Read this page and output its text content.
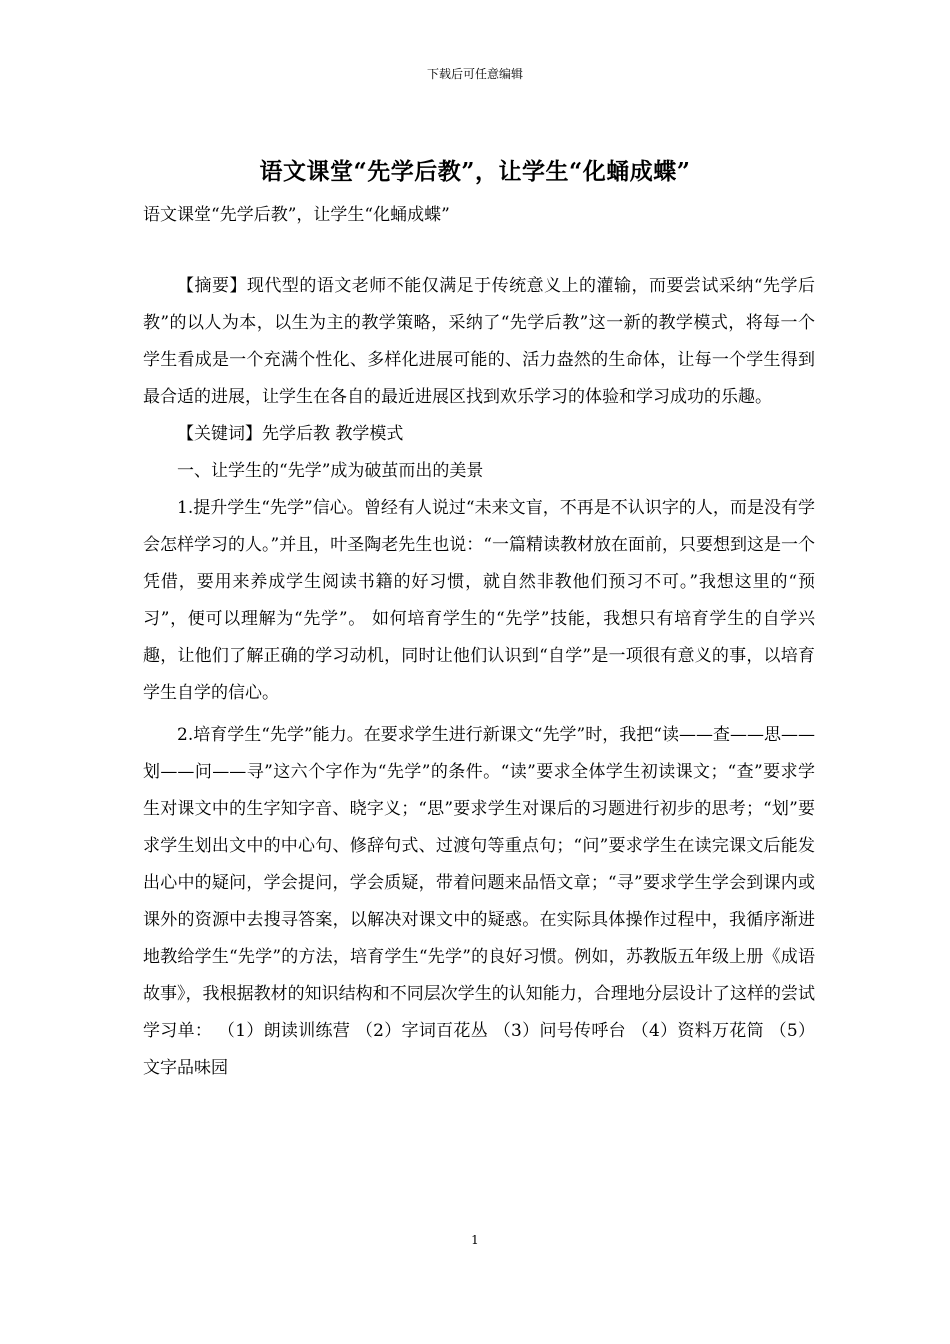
下载后可任意编辑
语文课堂“先学后教”，让学生“化蛹成蝶”
语文课堂“先学后教”，让学生“化蛹成蝶”

【摘要】现代型的语文老师不能仅满足于传统意义上的灌输，而要尝试采纳“先学后教”的以人为本，以生为主的教学策略，采纳了“先学后教”这一新的教学模式，将每一个学生看成是一个充满个性化、多样化进展可能的、活力盎然的生命体，让每一个学生得到最合适的进展，让学生在各自的最近进展区找到欢乐学习的体验和学习成功的乐趣。

【关键词】先学后教 教学模式

一、让学生的“先学”成为破茧而出的美景

1.提升学生“先学”信心。曾经有人说过“未来文盲，不再是不认识字的人，而是没有学会怎样学习的人。”并且，叶圣陶老先生也说：“一篇精读教材放在面前，只要想到这是一个凭借，要用来养成学生阅读书籍的好习惯，就自然非教他们预习不可。”我想这里的“预习”，便可以理解为“先学”。 如何培育学生的“先学”技能，我想只有培育学生的自学兴趣，让他们了解正确的学习动机，同时让他们认识到“自学”是一项很有意义的事，以培育学生自学的信心。

2.培育学生“先学”能力。在要求学生进行新课文“先学”时，我把“读——查——思——划——问——寻”这六个字作为“先学”的条件。“读”要求全体学生初读课文；“查”要求学生对课文中的生字知字音、晓字义；“思”要求学生对课后的习题进行初步的思考；“划”要求学生划出文中的中心句、修辞句式、过渡句等重点句；“问”要求学生在读完课文后能发出心中的疑问，学会提问，学会质疑，带着问题来品悟文章；“寻”要求学生学会到课内或课外的资源中去搜寻答案，以解决对课文中的疑惑。在实际具体操作过程中，我循序渐进地教给学生“先学”的方法，培育学生“先学”的良好习惯。例如，苏教版五年级上册《成语故事》，我根据教材的知识结构和不同层次学生的认知能力，合理地分层设计了这样的尝试学习单： （1）朗读训练营 （2）字词百花丛 （3）问号传呼台 （4）资料万花筒 （5）文字品味园

1
